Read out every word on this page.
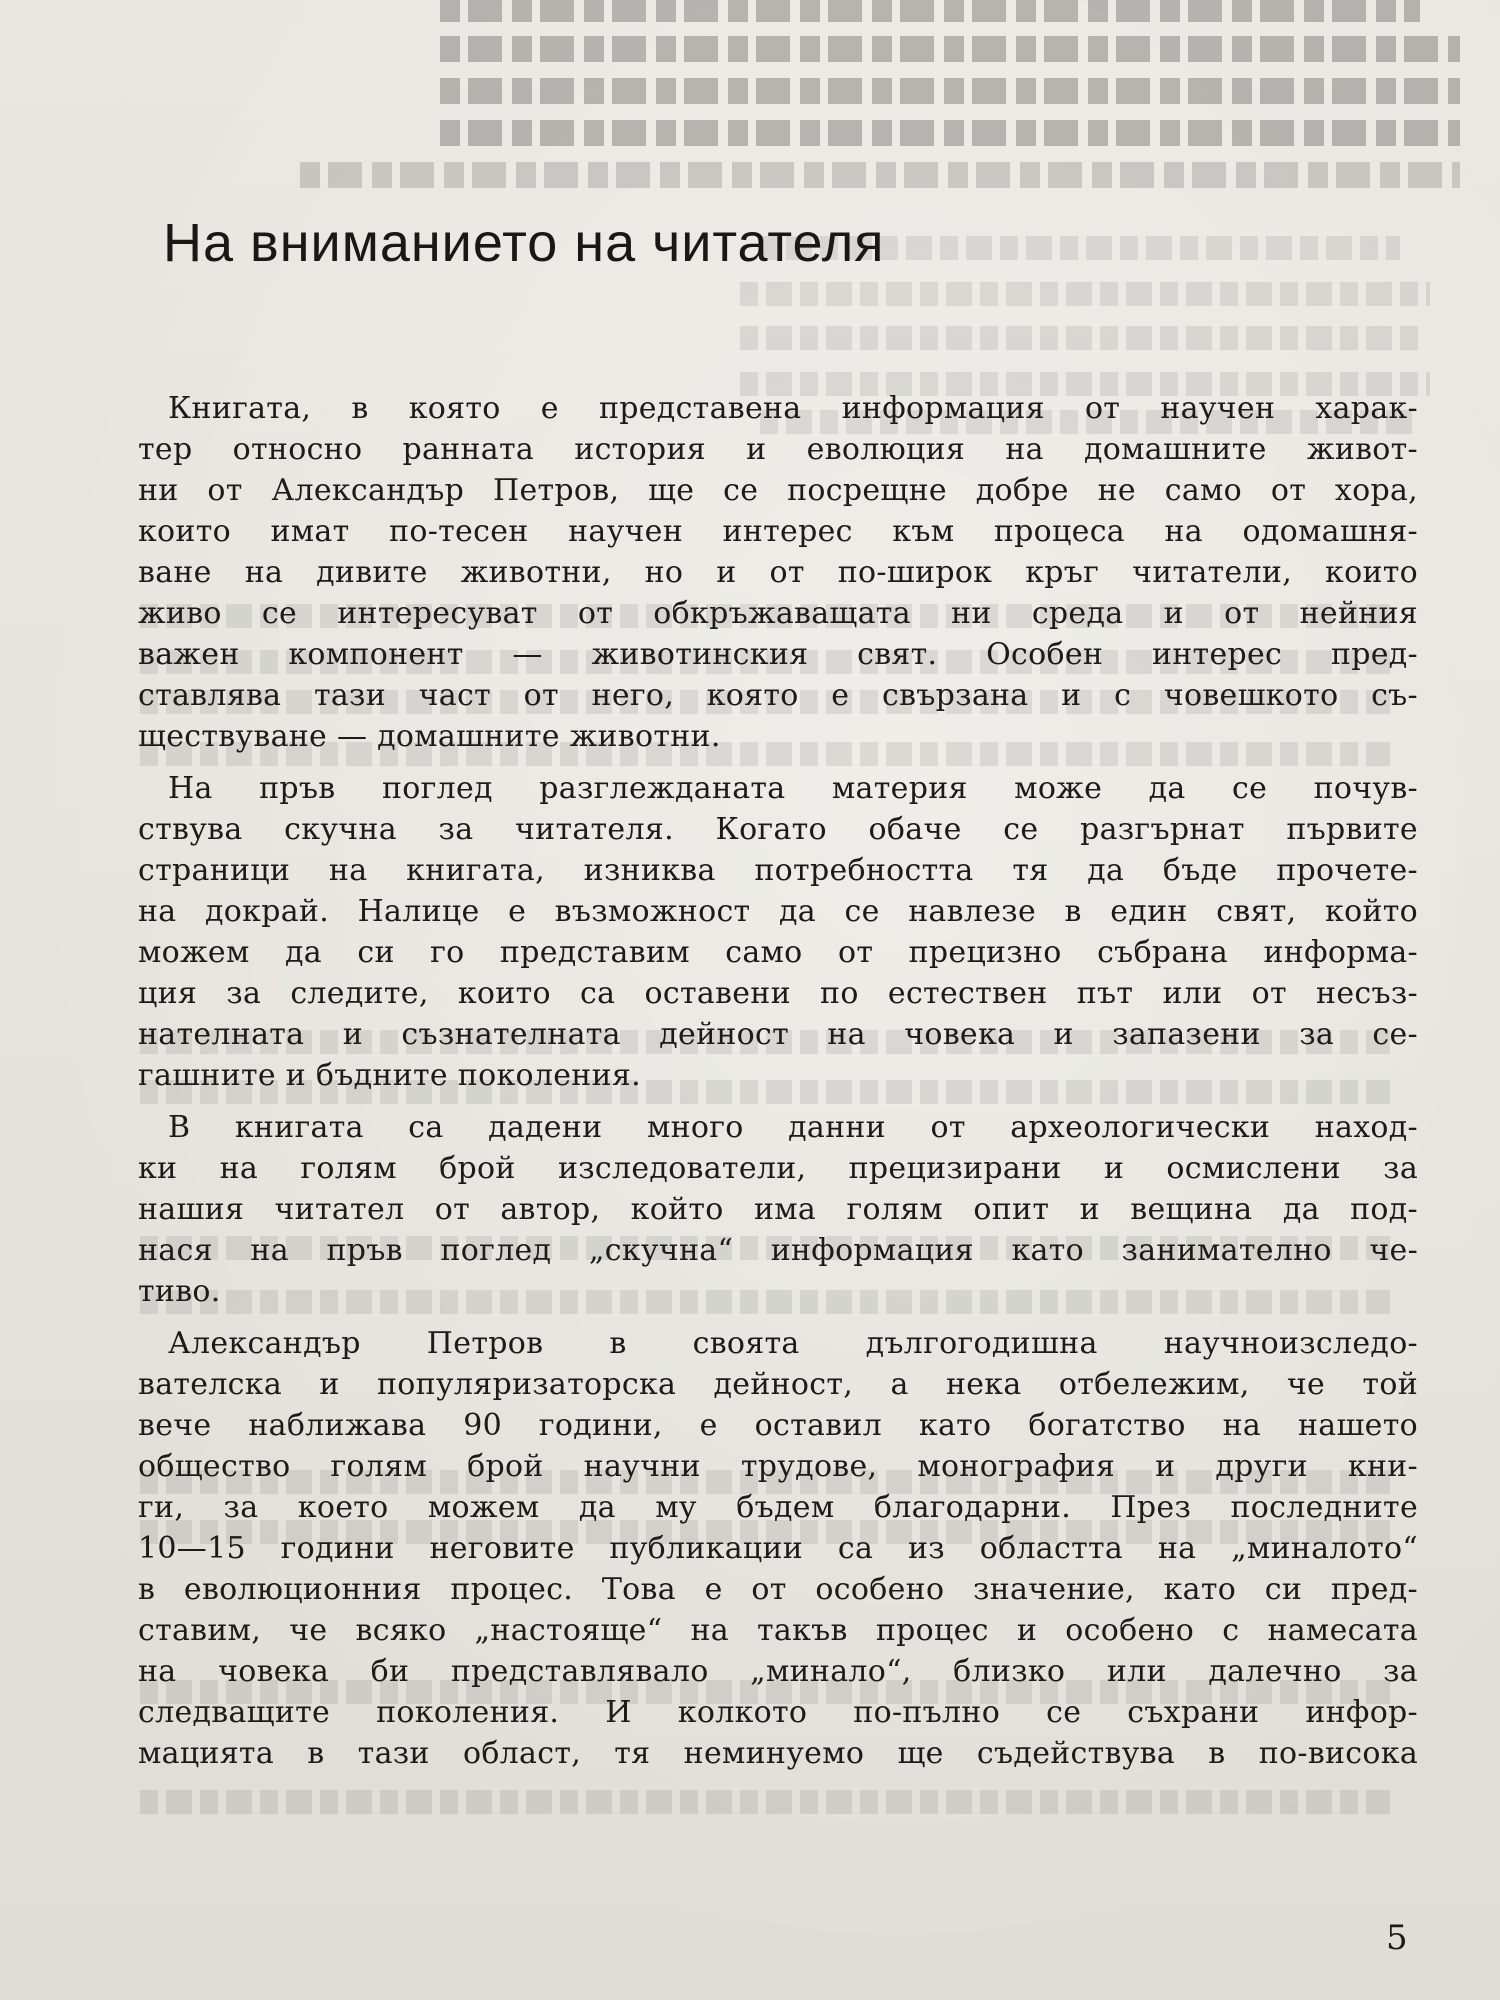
На вниманието на читателя
Книгата, в която е представена информация от научен харак-
тер относно ранната история и еволюция на домашните живот-
ни от Александър Петров, ще се посрещне добре не само от хора,
които имат по-тесен научен интерес към процеса на одомашня-
ване на дивите животни, но и от по-широк кръг читатели, които
живо се интересуват от обкръжаващата ни среда и от нейния
важен компонент — животинския свят. Особен интерес пред-
ставлява тази част от него, която е свързана и с човешкото съ-
ществуване — домашните животни.
На пръв поглед разглежданата материя може да се почув-
ствува скучна за читателя. Когато обаче се разгърнат първите
страници на книгата, изниква потребността тя да бъде прочете-
на докрай. Налице е възможност да се навлезе в един свят, който
можем да си го представим само от прецизно събрана информа-
ция за следите, които са оставени по естествен път или от несъз-
нателната и съзнателната дейност на човека и запазени за се-
гашните и бъдните поколения.
В книгата са дадени много данни от археологически наход-
ки на голям брой изследователи, прецизирани и осмислени за
нашия читател от автор, който има голям опит и вещина да под-
нася на пръв поглед „скучна“ информация като занимателно че-
тиво.
Александър Петров в своята дългогодишна научноизследо-
вателска и популяризаторска дейност, а нека отбележим, че той
вече наближава 90 години, е оставил като богатство на нашето
общество голям брой научни трудове, монография и други кни-
ги, за което можем да му бъдем благодарни. През последните
10—15 години неговите публикации са из областта на „миналото“
в еволюционния процес. Това е от особено значение, като си пред-
ставим, че всяко „настояще“ на такъв процес и особено с намесата
на човека би представлявало „минало“, близко или далечно за
следващите поколения. И колкото по-пълно се съхрани инфор-
мацията в тази област, тя неминуемо ще съдействува в по-висока
5
